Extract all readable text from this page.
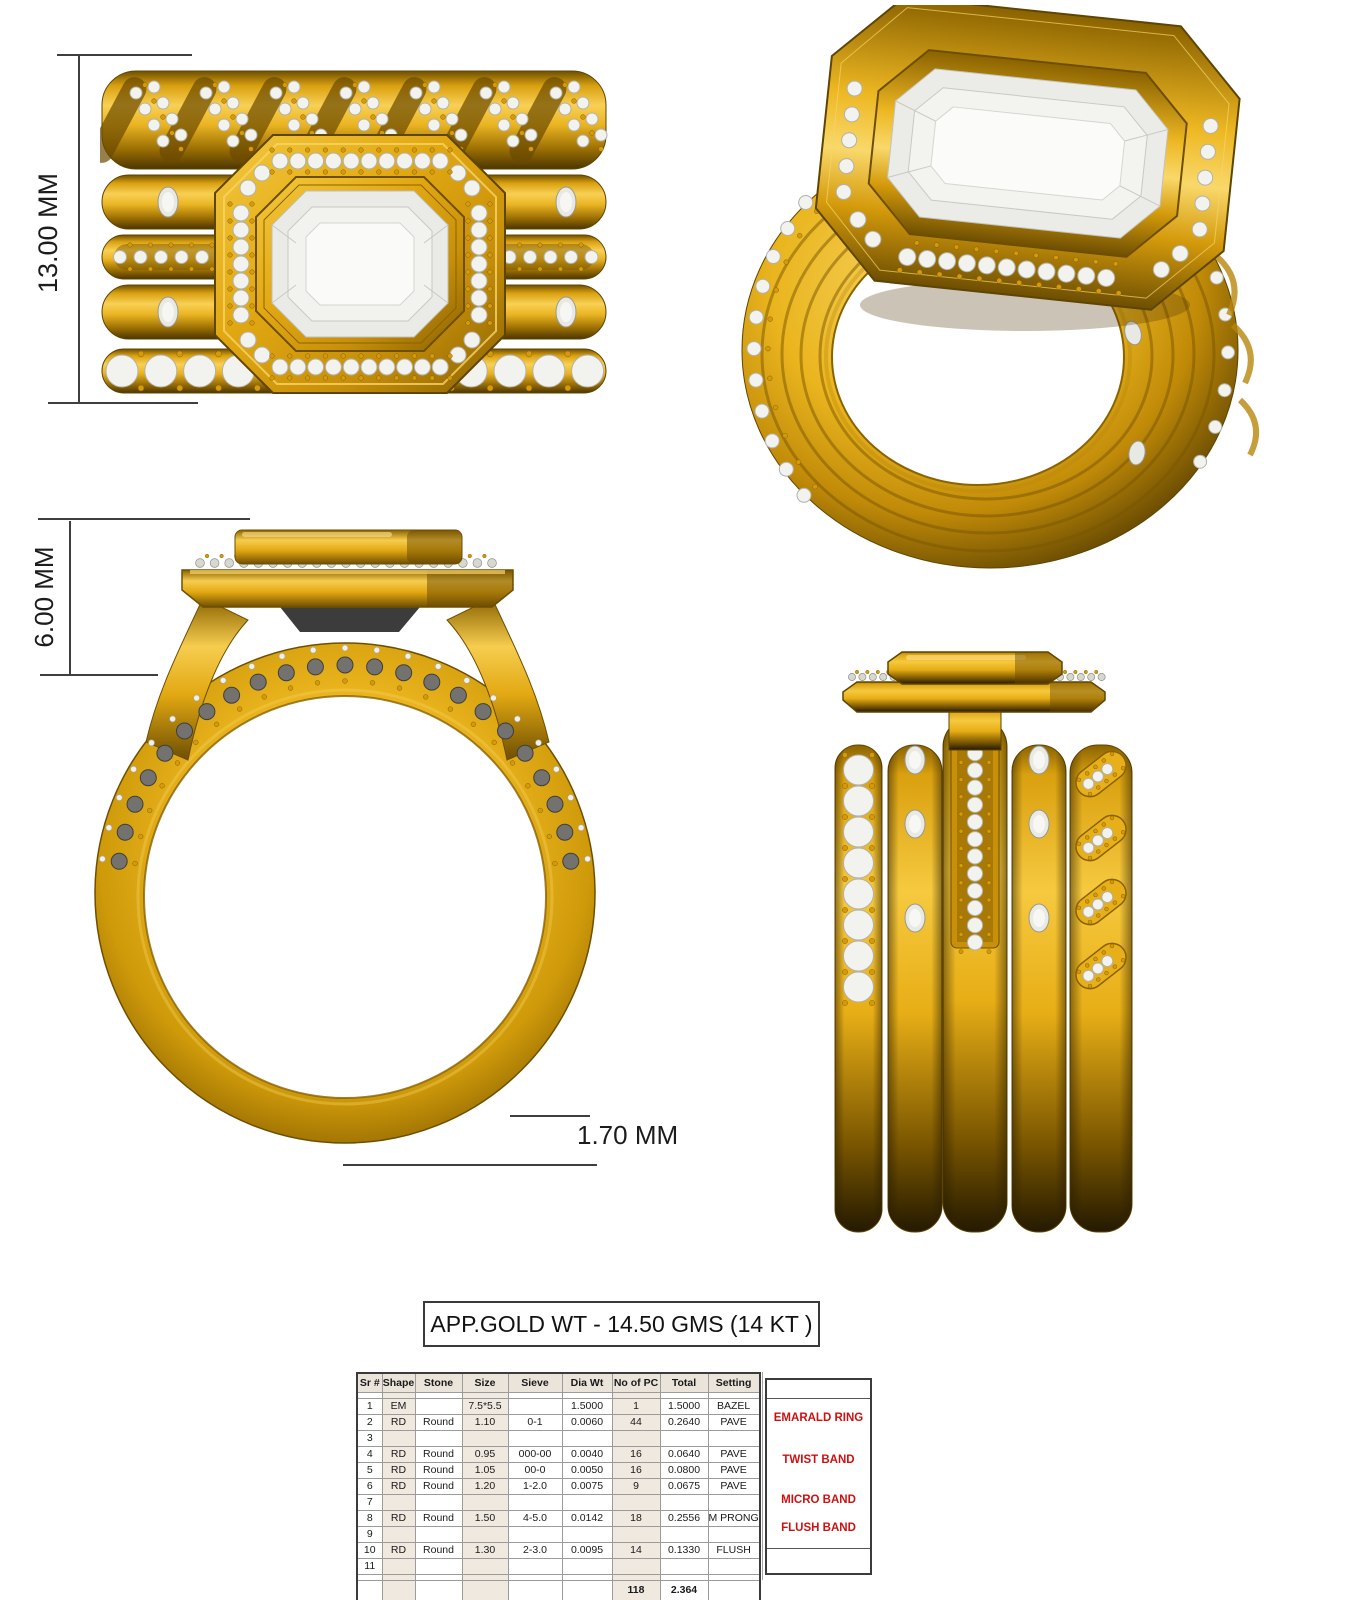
13.00 MM
6.00 MM
1.70 MM
APP.GOLD WT - 14.50 GMS (14 KT )
Sr #	Shape	Stone	Size	Sieve	Dia Wt	No of PC	Total	Setting

1	EM		7.5*5.5		1.5000	1	1.5000	BAZEL
2	RD	Round	1.10	0-1	0.0060	44	0.2640	PAVE
3								
4	RD	Round	0.95	000-00	0.0040	16	0.0640	PAVE
5	RD	Round	1.05	00-0	0.0050	16	0.0800	PAVE
6	RD	Round	1.20	1-2.0	0.0075	9	0.0675	PAVE
7								
8	RD	Round	1.50	4-5.0	0.0142	18	0.2556	M PRONG
9								
10	RD	Round	1.30	2-3.0	0.0095	14	0.1330	FLUSH
11								

						118	2.364	
EMARALD RING
TWIST BAND
MICRO BAND
FLUSH BAND
